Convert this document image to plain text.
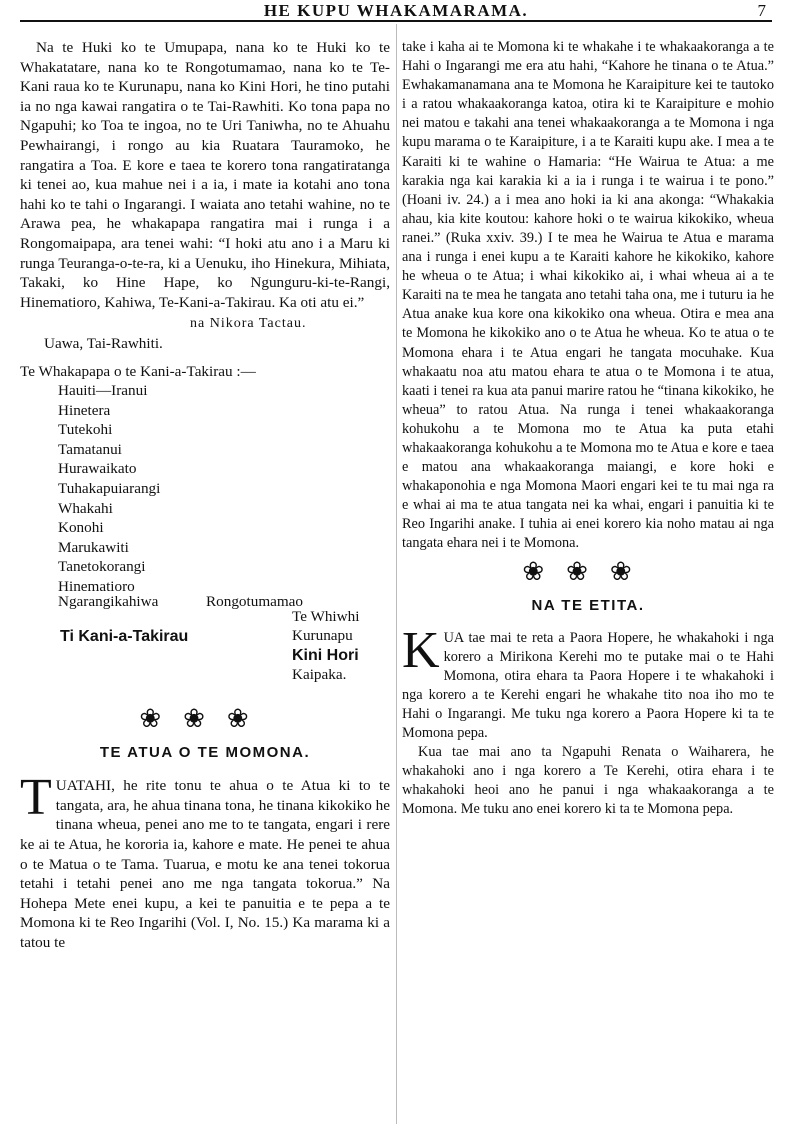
HE KUPU WHAKAMARAMA.	7

Na te Huki ko te Umupapa, nana ko te Huki ko te Whakatatare, nana ko te Rongotumamao, nana ko te Te-Kani raua ko te Kurunapu, nana ko Kini Hori, he tino putahi ia no nga kawai rangatira o te Tai-Rawhiti. Ko tona papa no Ngapuhi; ko Toa te ingoa, no te Uri Taniwha, no te Ahuahu Pewhairangi, i rongo au kia Ruatara Tauramoko, he rangatira a Toa. E kore e taea te korero tona rangatiratanga ki tenei ao, kua mahue nei i a ia, i mate ia kotahi ano tona hahi ko te tahi o Ingarangi. I waiata ano tetahi wahine, no te Arawa pea, he whakapapa rangatira mai i runga i a Rongomaipapa, ara tenei wahi: “I hoki atu ano i a Maru ki runga Teuranga-o-te-ra, ki a Uenuku, iho Hinekura, Mihiata, Takaki, ko Hine Hape, ko Ngunguru-ki-te-Rangi, Hinematioro, Kahiwa, Te-Kani-a-Takirau. Ka oti atu ei.”

na Nikora Tactau.
Uawa, Tai-Rawhiti.

Te Whakapapa o te Kani-a-Takirau :—

Hauiti—Iranui
Hinetera
Tutekohi
Tamatanui
Hurawaikato
Tuhakapuiarangi
Whakahi
Konohi
Marukawiti
Tanetokorangi
Hinematioro
Ngarangikahiwa	Rongotumamao
Ti Kani-a-Takirau
Te Whiwhi
Kurunapu
Kini Hori
Kaipaka.
❀❀❀
TE ATUA O TE MOMONA.

TUATAHI, he rite tonu te ahua o te Atua ki to te tangata, ara, he ahua tinana tona, he tinana kikokiko he tinana wheua, penei ano me to te tangata, engari i rere ke ai te Atua, he kororia ia, kahore e mate. He penei te ahua o te Matua o te Tama. Tuarua, e motu ke ana tenei tokorua tetahi i tetahi penei ano me nga tangata tokorua.” Na Hohepa Mete enei kupu, a kei te panuitia e te pepa a te Momona ki te Reo Ingarihi (Vol. I, No. 15.) Ka marama ki a tatou te

take i kaha ai te Momona ki te whakahe i te whakaakoranga a te Hahi o Ingarangi me era atu hahi, “Kahore he tinana o te Atua.” Ewhakamanamana ana te Momona he Karaipiture kei te tautoko i a ratou whakaakoranga katoa, otira ki te Karaipiture e mohio nei matou e takahi ana tenei whakaakoranga a te Momona i nga kupu marama o te Karaipiture, i a te Karaiti kupu ake. I mea a te Karaiti ki te wahine o Hamaria: “He Wairua te Atua: a me karakia nga kai karakia ki a ia i runga i te wairua i te pono.” (Hoani iv. 24.) a i mea ano hoki ia ki ana akonga: “Whakakia ahau, kia kite koutou: kahore hoki o te wairua kikokiko, wheua ranei.” (Ruka xxiv. 39.) I te mea he Wairua te Atua e marama ana i runga i enei kupu a te Karaiti kahore he kikokiko, kahore he wheua o te Atua; i whai kikokiko ai, i whai wheua ai a te Karaiti na te mea he tangata ano tetahi taha ona, me i tuturu ia he Atua anake kua kore ona kikokiko ona wheua. Otira e mea ana te Momona he kikokiko ano o te Atua he wheua. Ko te atua o te Momona ehara i te Atua engari he tangata mocuhake. Kua whakaatu noa atu matou ehara te atua o te Momona i te atua, kaati i tenei ra kua ata panui marire ratou he “tinana kikokiko, he wheua” to ratou Atua. Na runga i tenei whakaakoranga kohukohu a te Momona mo te Atua ka puta etahi whakaakoranga kohukohu a te Momona mo te Atua e kore e taea e matou ana whakaakoranga maiangi, e kore hoki e whakaponohia e nga Momona Maori engari kei te tu mai nga ra e whai ai ma te atua tangata nei ka whai, engari i panuitia ki te Reo Ingarihi anake. I tuhia ai enei korero kia noho matau ai nga tangata ehara nei i te Momona.

❀❀❀
NA TE ETITA.

KUA tae mai te reta a Paora Hopere, he whakahoki i nga korero a Mirikona Kerehi mo te putake mai o te Hahi Momona, otira ehara ta Paora Hopere i te whakahoki i nga korero a te Kerehi engari he whakahe tito noa iho mo te Hahi o Ingarangi. Me tuku nga korero a Paora Hopere ki ta te Momona pepa.

Kua tae mai ano ta Ngapuhi Renata o Waiharera, he whakahoki ano i nga korero a Te Kerehi, otira ehara i te whakahoki heoi ano he panui i nga whakaakoranga a te Momona. Me tuku ano enei korero ki ta te Momona pepa.
